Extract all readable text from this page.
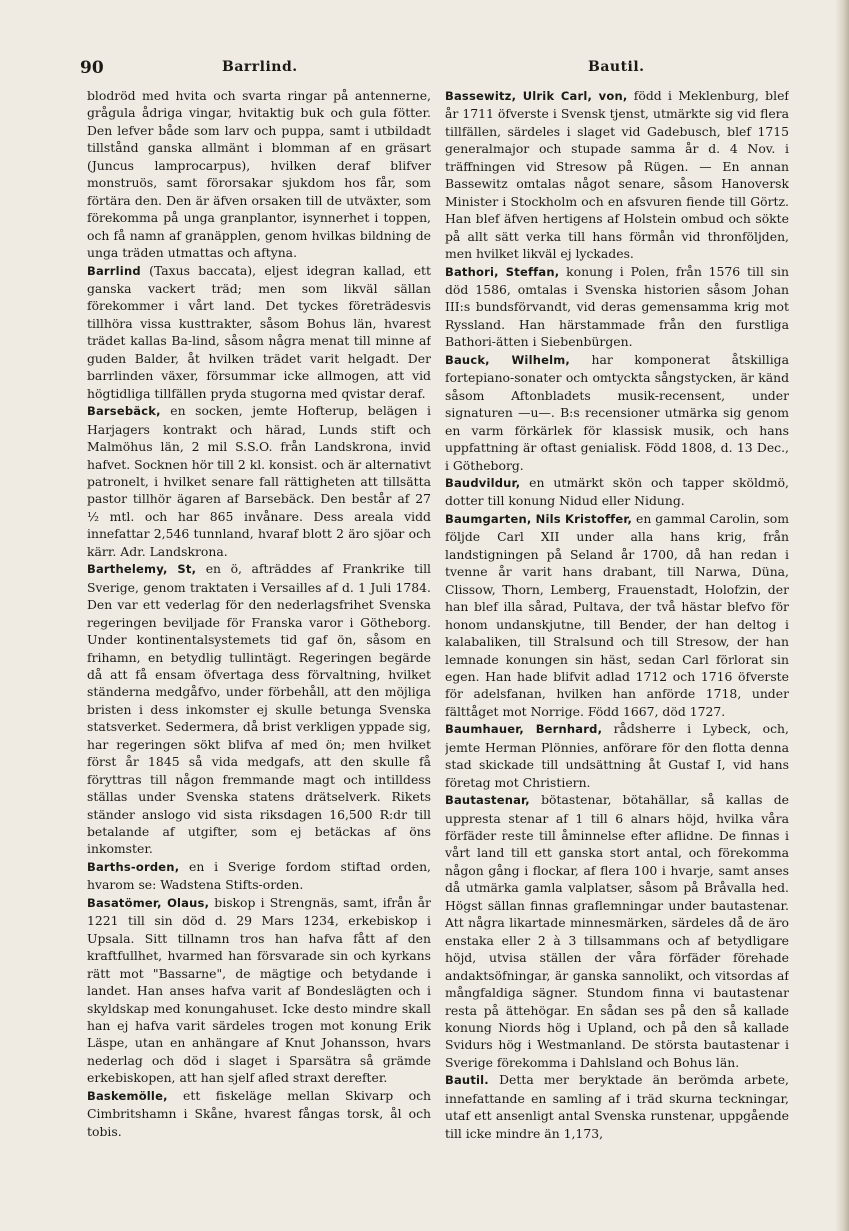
90	Barrlind.	Bautil.

blodröd med hvita och svarta ringar på antennerne, grågula ådriga vingar, hvitaktig buk och gula fötter. Den lefver både som larv och puppa, samt i utbildadt tillstånd ganska allmänt i blomman af en gräsart (Juncus lamprocarpus), hvilken deraf blifver monstruös, samt förorsakar sjukdom hos får, som förtära den. Den är äfven orsaken till de utväxter, som förekomma på unga granplantor, isynnerhet i toppen, och få namn af granäpplen, genom hvilkas bildning de unga träden utmattas och aftyna.

Barrlind (Taxus baccata), eljest idegran kallad, ett ganska vackert träd; men som likväl sällan förekommer i vårt land. Det tyckes företrädesvis tillhöra vissa kusttrakter, såsom Bohus län, hvarest trädet kallas Ba-lind, såsom några menat till minne af guden Balder, åt hvilken trädet varit helgadt. Der barrlinden växer, försummar icke allmogen, att vid högtidliga tillfällen pryda stugorna med qvistar deraf.

Barsebäck, en socken, jemte Hofterup, belägen i Harjagers kontrakt och härad, Lunds stift och Malmöhus län, 2 mil S.S.O. från Landskrona, invid hafvet. Socknen hör till 2 kl. konsist. och är alternativt patronelt, i hvilket senare fall rättigheten att tillsätta pastor tillhör ägaren af Barsebäck. Den består af 27 ½ mtl. och har 865 invånare. Dess areala vidd innefattar 2,546 tunnland, hvaraf blott 2 äro sjöar och kärr. Adr. Landskrona.

Barthelemy, St, en ö, afträddes af Frankrike till Sverige, genom traktaten i Versailles af d. 1 Juli 1784. Den var ett vederlag för den nederlagsfrihet Svenska regeringen beviljade för Franska varor i Götheborg. Under kontinentalsystemets tid gaf ön, såsom en frihamn, en betydlig tullintägt. Regeringen begärde då att få ensam öfvertaga dess förvaltning, hvilket ständerna medgåfvo, under förbehåll, att den möjliga bristen i dess inkomster ej skulle betunga Svenska statsverket. Sedermera, då brist verkligen yppade sig, har regeringen sökt blifva af med ön; men hvilket först år 1845 så vida medgafs, att den skulle få föryttras till någon fremmande magt och intilldess ställas under Svenska statens drätselverk. Rikets ständer anslogo vid sista riksdagen 16,500 R:dr till betalande af utgifter, som ej betäckas af öns inkomster.

Barths-orden, en i Sverige fordom stiftad orden, hvarom se: Wadstena Stifts-orden.

Basatömer, Olaus, biskop i Strengnäs, samt, ifrån år 1221 till sin död d. 29 Mars 1234, erkebiskop i Upsala. Sitt tillnamn tros han hafva fått af den kraftfullhet, hvarmed han försvarade sin och kyrkans rätt mot "Bassarne", de mägtige och betydande i landet. Han anses hafva varit af Bondeslägten och i skyldskap med konungahuset. Icke desto mindre skall han ej hafva varit särdeles trogen mot konung Erik Läspe, utan en anhängare af Knut Johansson, hvars nederlag och död i slaget i Sparsätra så grämde erkebiskopen, att han sjelf afled straxt derefter.

Baskemölle, ett fiskeläge mellan Skivarp och Cimbritshamn i Skåne, hvarest fångas torsk, ål och tobis.

Bassewitz, Ulrik Carl, von, född i Meklenburg, blef år 1711 öfverste i Svensk tjenst, utmärkte sig vid flera tillfällen, särdeles i slaget vid Gadebusch, blef 1715 generalmajor och stupade samma år d. 4 Nov. i träffningen vid Stresow på Rügen. — En annan Bassewitz omtalas något senare, såsom Hanoversk Minister i Stockholm och en afsvuren fiende till Görtz. Han blef äfven hertigens af Holstein ombud och sökte på allt sätt verka till hans förmån vid thronföljden, men hvilket likväl ej lyckades.

Bathori, Steffan, konung i Polen, från 1576 till sin död 1586, omtalas i Svenska historien såsom Johan III:s bundsförvandt, vid deras gemensamma krig mot Ryssland. Han härstammade från den furstliga Bathori-ätten i Siebenbürgen.

Bauck, Wilhelm, har komponerat åtskilliga fortepiano-sonater och omtyckta sångstycken, är känd såsom Aftonbladets musik-recensent, under signaturen —u—. B:s recensioner utmärka sig genom en varm förkärlek för klassisk musik, och hans uppfattning är oftast genialisk. Född 1808, d. 13 Dec., i Götheborg.

Baudvildur, en utmärkt skön och tapper sköldmö, dotter till konung Nidud eller Nidung.

Baumgarten, Nils Kristoffer, en gammal Carolin, som följde Carl XII under alla hans krig, från landstigningen på Seland år 1700, då han redan i tvenne år varit hans drabant, till Narwa, Düna, Clissow, Thorn, Lemberg, Frauenstadt, Holofzin, der han blef illa sårad, Pultava, der två hästar blefvo för honom undanskjutne, till Bender, der han deltog i kalabaliken, till Stralsund och till Stresow, der han lemnade konungen sin häst, sedan Carl förlorat sin egen. Han hade blifvit adlad 1712 och 1716 öfverste för adelsfanan, hvilken han anförde 1718, under fälttåget mot Norrige. Född 1667, död 1727.

Baumhauer, Bernhard, rådsherre i Lybeck, och, jemte Herman Plönnies, anförare för den flotta denna stad skickade till undsättning åt Gustaf I, vid hans företag mot Christiern.

Bautastenar, bötastenar, bötahällar, så kallas de uppresta stenar af 1 till 6 alnars höjd, hvilka våra förfäder reste till åminnelse efter aflidne. De finnas i vårt land till ett ganska stort antal, och förekomma någon gång i flockar, af flera 100 i hvarje, samt anses då utmärka gamla valplatser, såsom på Bråvalla hed. Högst sällan finnas graflemningar under bautastenar. Att några likartade minnesmärken, särdeles då de äro enstaka eller 2 à 3 tillsammans och af betydligare höjd, utvisa ställen der våra förfäder förehade andaktsöfningar, är ganska sannolikt, och vitsordas af mångfaldiga sägner. Stundom finna vi bautastenar resta på ättehögar. En sådan ses på den så kallade konung Niords hög i Upland, och på den så kallade Svidurs hög i Westmanland. De största bautastenar i Sverige förekomma i Dahlsland och Bohus län.

Bautil. Detta mer beryktade än berömda arbete, innefattande en samling af i träd skurna teckningar, utaf ett ansenligt antal Svenska runstenar, uppgående till icke mindre än 1,173,
